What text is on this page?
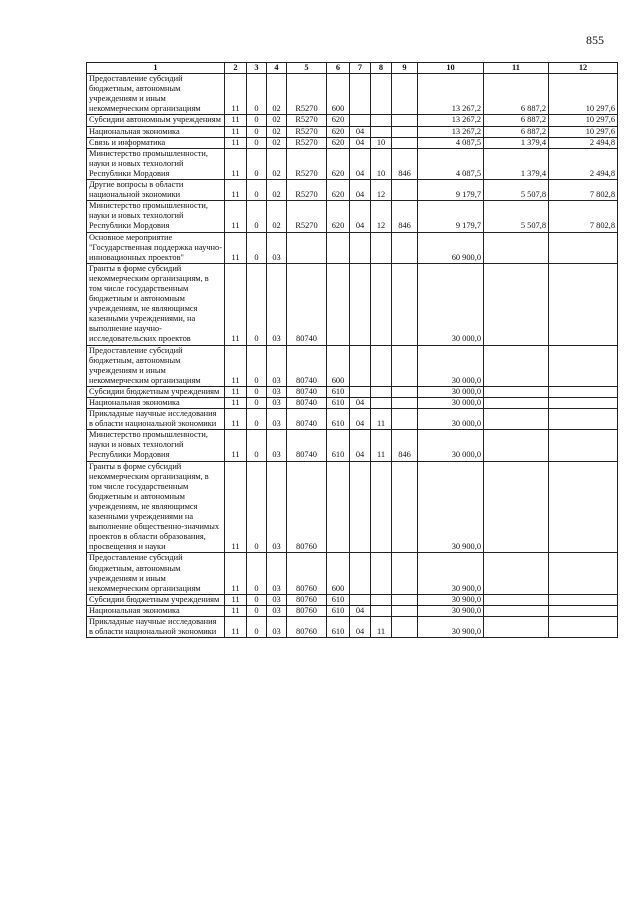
855
1	2	3	4	5	6	7	8	9	10	11	12
Предоставление субсидий бюджетным, автономным учреждениям и иным некоммерческим организациям	11	0	02	R5270	600				13 267,2	6 887,2	10 297,6
Субсидии автономным учреждениям	11	0	02	R5270	620				13 267,2	6 887,2	10 297,6
Национальная экономика	11	0	02	R5270	620	04			13 267,2	6 887,2	10 297,6
Связь и информатика	11	0	02	R5270	620	04	10		4 087,5	1 379,4	2 494,8
Министерство промышленности, науки и новых технологий Республики Мордовия	11	0	02	R5270	620	04	10	846	4 087,5	1 379,4	2 494,8
Другие вопросы в области национальной экономики	11	0	02	R5270	620	04	12		9 179,7	5 507,8	7 802,8
Министерство промышленности, науки и новых технологий Республики Мордовия	11	0	02	R5270	620	04	12	846	9 179,7	5 507,8	7 802,8
Основное мероприятие "Государственная поддержка научно-инновационных проектов"	11	0	03						60 900,0		
Гранты в форме субсидий некоммерческим организациям, в том числе государственным бюджетным и автономным учреждениям, не являющимся казенными учреждениями, на выполнение научно-исследовательских проектов	11	0	03	80740					30 000,0		
Предоставление субсидий бюджетным, автономным учреждениям и иным некоммерческим организациям	11	0	03	80740	600				30 000,0		
Субсидии бюджетным учреждениям	11	0	03	80740	610				30 000,0		
Национальная экономика	11	0	03	80740	610	04			30 000,0		
Прикладные научные исследования в области национальной экономики	11	0	03	80740	610	04	11		30 000,0		
Министерство промышленности, науки и новых технологий Республики Мордовия	11	0	03	80740	610	04	11	846	30 000,0		
Гранты в форме субсидий некоммерческим организациям, в том числе государственным бюджетным и автономным учреждениям, не являющимся казенными учреждениями на выполнение общественно-значимых проектов в области образования, просвещения и науки	11	0	03	80760					30 900,0		
Предоставление субсидий бюджетным, автономным учреждениям и иным некоммерческим организациям	11	0	03	80760	600				30 900,0		
Субсидии бюджетным учреждениям	11	0	03	80760	610				30 900,0		
Национальная экономика	11	0	03	80760	610	04			30 900,0		
Прикладные научные исследования в области национальной экономики	11	0	03	80760	610	04	11		30 900,0		
